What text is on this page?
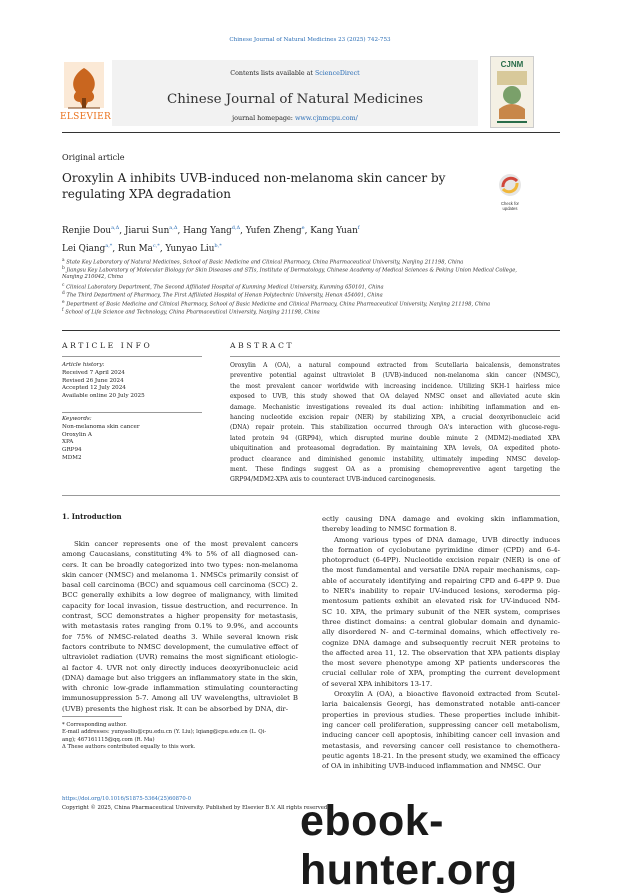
Chinese Journal of Natural Medicines 23 (2025) 742-753
ELSEVIER
Contents lists available at ScienceDirect
Chinese Journal of Natural Medicines
journal homepage: www.cjnmcpu.com/
CJNM
Original article
Oroxylin A inhibits UVB-induced non-melanoma skin cancer by
regulating XPA degradation
Check for updates
Renjie Dou$^{a,\Delta}$, Jiarui Sun$^{a,\Delta}$, Hang Yang$^{d,\Delta}$, Yufen Zheng$^e$, Kang Yuan$^f$
Lei Qiang$^{a,*}$, Run $Ma^{c,*}$, Yunyao Liu$^{b,*}$
$^a$ State Key Laboratory of Natural Medicines, School of Basic Medicine and Clinical Pharmacy, China Pharmaceutical University, Nanjing 211198, China
$^b$ Jiangsu Key Laboratory of Molecular Biology for Skin Diseases and STIs, Institute of Dermatology, Chinese Academy of Medical Sciences & Peking Union Medical College,
Nanjing 210042, China
$^c$ Clinical Laboratory Department, The Second Affiliated Hospital of Kunming Medical University, Kunming 650101, China
$^d$ The Third Department of Pharmacy, The First Affiliated Hospital of Henan Polytechnic University, Henan 454001, China
$^e$ Department of Basic Medicine and Clinical Pharmacy, School of Basic Medicine and Clinical Pharmacy, China Pharmaceutical University, Nanjing 211198, China
$^f$ School of Life Science and Technology, China Pharmaceutical University, Nanjing 211198, China
ARTICLE INFO
Article history:
Received 7 April 2024
Revised 26 June 2024
Accepted 12 July 2024
Available online 20 July 2025
Keywords:
Non-melanoma skin cancer
Oroxylin A
XPA
GRP94
MDM2
ABSTRACT
Oroxylin A (OA), a natural compound extracted from Scutellaria baicalensis, demonstrates
preventive potential against ultraviolet B (UVB)-induced non-melanoma skin cancer (NMSC),
the most prevalent cancer worldwide with increasing incidence. Utilizing SKH-1 hairless mice
exposed to UVB, this study showed that OA delayed NMSC onset and alleviated acute skin
damage. Mechanistic investigations revealed its dual action: inhibiting inflammation and en-
hancing nucleotide excision repair (NER) by stabilizing XPA, a crucial deoxyribonucleic acid
(DNA) repair protein. This stabilization occurred through OA's interaction with glucose-regu-
lated protein 94 (GRP94), which disrupted murine double minute 2 (MDM2)-mediated XPA
ubiquitination and proteasomal degradation. By maintaining XPA levels, OA expedited photo-
product clearance and diminished genomic instability, ultimately impeding NMSC develop-
ment. These findings suggest OA as a promising chemopreventive agent targeting the
GRP94/MDM2-XPA axis to counteract UVB-induced carcinogenesis.
1. Introduction
Skin cancer represents one of the most prevalent cancers
among Caucasians, constituting 4% to 5% of all diagnosed can-
cers. It can be broadly categorized into two types: non-melanoma
skin cancer (NMSC) and melanoma 1. NMSCs primarily consist of
basal cell carcinoma (BCC) and squamous cell carcinoma (SCC) 2.
BCC generally exhibits a low degree of malignancy, with limited
capacity for local invasion, tissue destruction, and recurrence. In
contrast, SCC demonstrates a higher propensity for metastasis,
with metastasis rates ranging from 0.1% to 9.9%, and accounts
for 75% of NMSC-related deaths 3. While several known risk
factors contribute to NMSC development, the cumulative effect of
ultraviolet radiation (UVR) remains the most significant etiologic-
al factor 4. UVR not only directly induces deoxyribonucleic acid
(DNA) damage but also triggers an inflammatory state in the skin,
with chronic low-grade inflammation stimulating counteracting
immunosuppression 5-7. Among all UV wavelengths, ultraviolet B
(UVB) presents the highest risk. It can be absorbed by DNA, dir-
ectly causing DNA damage and evoking skin inflammation,
thereby leading to NMSC formation 8.
Among various types of DNA damage, UVB directly induces
the formation of cyclobutane pyrimidine dimer (CPD) and 6-4-
photoproduct (6-4PP). Nucleotide excision repair (NER) is one of
the most fundamental and versatile DNA repair mechanisms, cap-
able of accurately identifying and repairing CPD and 6-4PP 9. Due
to NER's inability to repair UV-induced lesions, xeroderma pig-
mentosum patients exhibit an elevated risk for UV-induced NM-
SC 10. XPA, the primary subunit of the NER system, comprises
three distinct domains: a central globular domain and dynamic-
ally disordered N- and C-terminal domains, which effectively re-
cognize DNA damage and subsequently recruit NER proteins to
the affected area 11, 12. The observation that XPA patients display
the most severe phenotype among XP patients underscores the
crucial cellular role of XPA, prompting the current development
of several XPA inhibitors 13-17.
Oroxylin A (OA), a bioactive flavonoid extracted from Scutel-
laria baicalensis Georgi, has demonstrated notable anti-cancer
properties in previous studies. These properties include inhibit-
ing cancer cell proliferation, suppressing cancer cell metabolism,
inducing cancer cell apoptosis, inhibiting cancer cell invasion and
metastasis, and reversing cancer cell resistance to chemothera-
peutic agents 18-21. In the present study, we examined the efficacy
of OA in inhibiting UVB-induced inflammation and NMSC. Our
* Corresponding author.
E-mail addresses: yunyaoliu@cpu.edu.cn (Y. Liu); lqiang@cpu.edu.cn (L. Qi-
ang); 467161115@qq.com (R. Ma)
Δ These authors contributed equally to this work.
https://doi.org/10.1016/S1875-5364(25)60870-0
Copyright © 2025, China Pharmaceutical University. Published by Elsevier B.V. All rights reserved.
ebook-hunter.org
